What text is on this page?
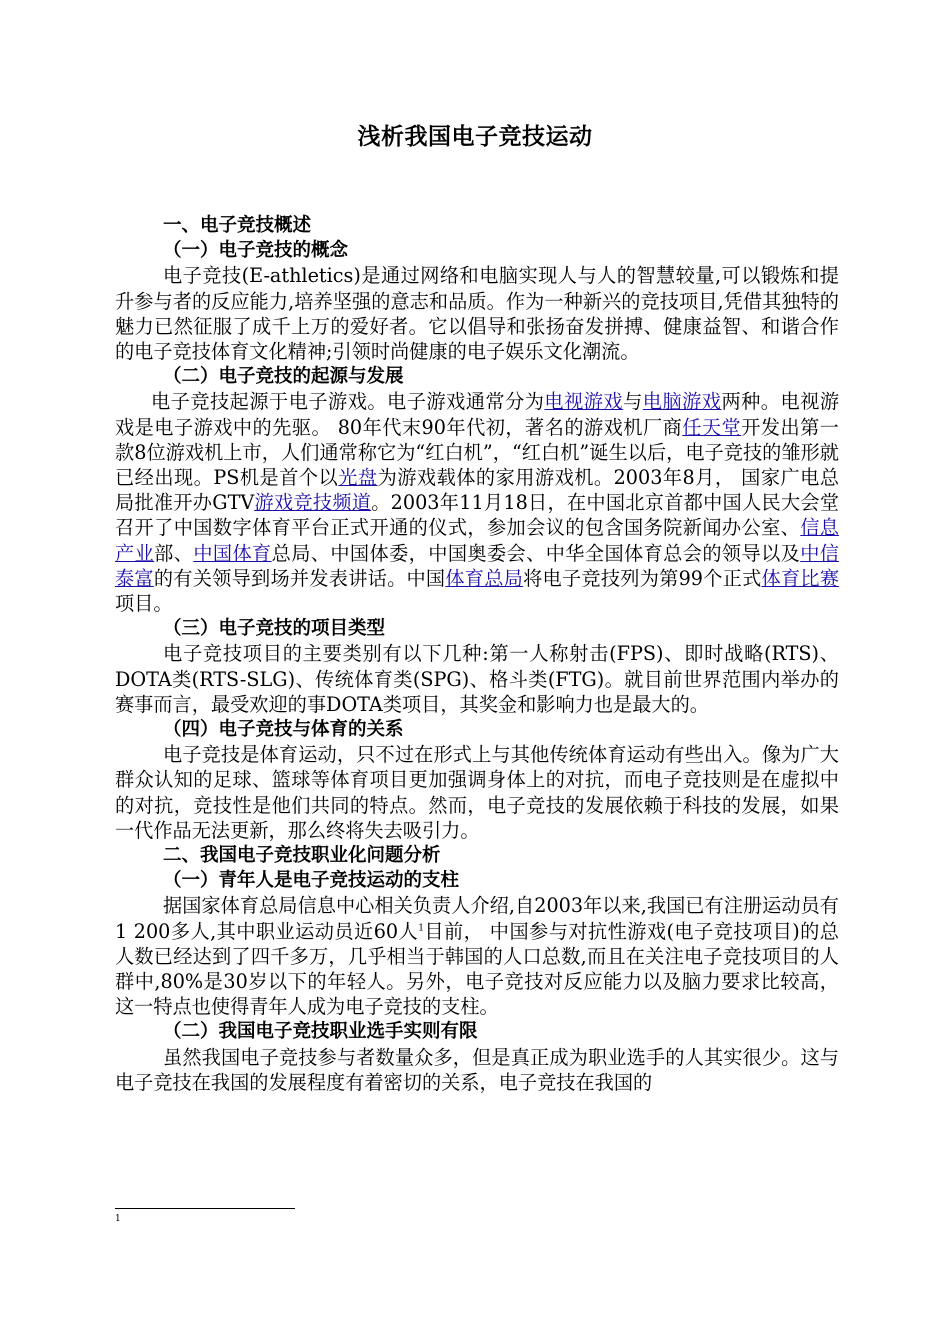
浅析我国电子竞技运动
一、电子竞技概述
（一）电子竞技的概念

电子竞技(E-athletics)是通过网络和电脑实现人与人的智慧较量,可以锻炼和提升参与者的反应能力,培养坚强的意志和品质。作为一种新兴的竞技项目,凭借其独特的魅力已然征服了成千上万的爱好者。它以倡导和张扬奋发拼搏、健康益智、和谐合作的电子竞技体育文化精神;引领时尚健康的电子娱乐文化潮流。

（二）电子竞技的起源与发展

电子竞技起源于电子游戏。电子游戏通常分为电视游戏与电脑游戏两种。电视游戏是电子游戏中的先驱。 80年代末90年代初，著名的游戏机厂商任天堂开发出第一款8位游戏机上市，人们通常称它为“红白机”，“红白机”诞生以后，电子竞技的雏形就已经出现。PS机是首个以光盘为游戏载体的家用游戏机。2003年8月， 国家广电总局批准开办GTV游戏竞技频道。2003年11月18日，在中国北京首都中国人民大会堂召开了中国数字体育平台正式开通的仪式，参加会议的包含国务院新闻办公室、信息产业部、中国体育总局、中国体委，中国奥委会、中华全国体育总会的领导以及中信泰富的有关领导到场并发表讲话。中国体育总局将电子竞技列为第99个正式体育比赛项目。

（三）电子竞技的项目类型

电子竞技项目的主要类别有以下几种:第一人称射击(FPS)、即时战略(RTS)、DOTA类(RTS-SLG)、传统体育类(SPG)、格斗类(FTG)。就目前世界范围内举办的赛事而言，最受欢迎的事DOTA类项目，其奖金和影响力也是最大的。

（四）电子竞技与体育的关系

电子竞技是体育运动，只不过在形式上与其他传统体育运动有些出入。像为广大群众认知的足球、篮球等体育项目更加强调身体上的对抗，而电子竞技则是在虚拟中的对抗，竞技性是他们共同的特点。然而，电子竞技的发展依赖于科技的发展，如果一代作品无法更新，那么终将失去吸引力。

二、我国电子竞技职业化问题分析
（一）青年人是电子竞技运动的支柱

据国家体育总局信息中心相关负责人介绍,自2003年以来,我国已有注册运动员有1 200多人,其中职业运动员近60人$^1$目前， 中国参与对抗性游戏(电子竞技项目)的总人数已经达到了四千多万，几乎相当于韩国的人口总数,而且在关注电子竞技项目的人群中,80%是30岁以下的年轻人。另外，电子竞技对反应能力以及脑力要求比较高，这一特点也使得青年人成为电子竞技的支柱。

（二）我国电子竞技职业选手实则有限

虽然我国电子竞技参与者数量众多，但是真正成为职业选手的人其实很少。这与电子竞技在我国的发展程度有着密切的关系，电子竞技在我国的

1
